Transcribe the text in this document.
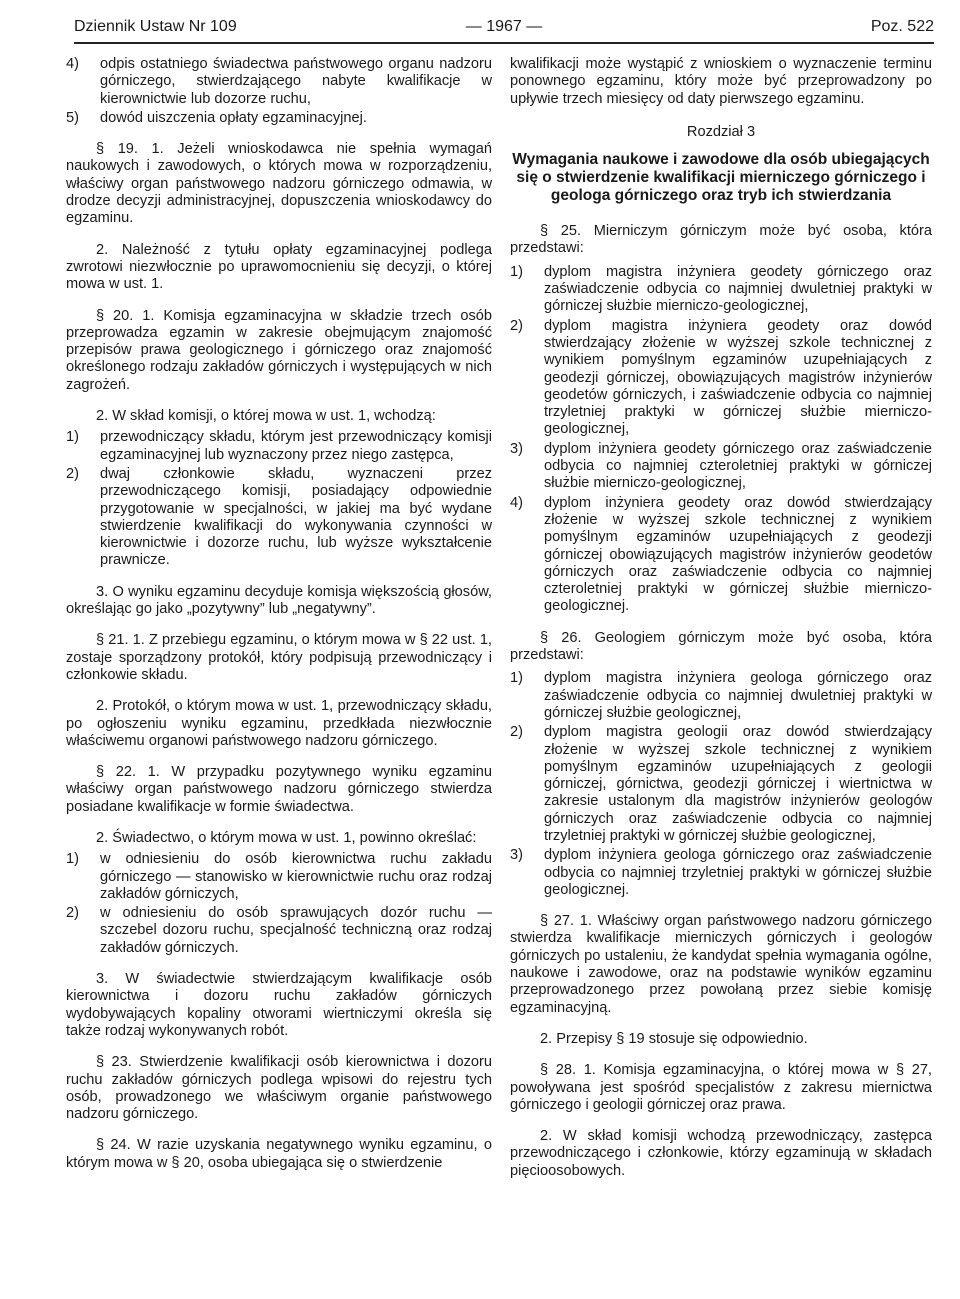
Dziennik Ustaw Nr 109	— 1967 —	Poz. 522
4)	odpis ostatniego świadectwa państwowego organu nadzoru górniczego, stwierdzającego nabyte kwalifikacje w kierownictwie lub dozorze ruchu,
5)	dowód uiszczenia opłaty egzaminacyjnej.

§ 19. 1. Jeżeli wnioskodawca nie spełnia wymagań naukowych i zawodowych, o których mowa w rozporządzeniu, właściwy organ państwowego nadzoru górniczego odmawia, w drodze decyzji administracyjnej, dopuszczenia wnioskodawcy do egzaminu.

2. Należność z tytułu opłaty egzaminacyjnej podlega zwrotowi niezwłocznie po uprawomocnieniu się decyzji, o której mowa w ust. 1.

§ 20. 1. Komisja egzaminacyjna w składzie trzech osób przeprowadza egzamin w zakresie obejmującym znajomość przepisów prawa geologicznego i górniczego oraz znajomość określonego rodzaju zakładów górniczych i występujących w nich zagrożeń.

2. W skład komisji, o której mowa w ust. 1, wchodzą:

1)	przewodniczący składu, którym jest przewodniczący komisji egzaminacyjnej lub wyznaczony przez niego zastępca,
2)	dwaj członkowie składu, wyznaczeni przez przewodniczącego komisji, posiadający odpowiednie przygotowanie w specjalności, w jakiej ma być wydane stwierdzenie kwalifikacji do wykonywania czynności w kierownictwie i dozorze ruchu, lub wyższe wykształcenie prawnicze.

3. O wyniku egzaminu decyduje komisja większością głosów, określając go jako „pozytywny” lub „negatywny”.

§ 21. 1. Z przebiegu egzaminu, o którym mowa w § 22 ust. 1, zostaje sporządzony protokół, który podpisują przewodniczący i członkowie składu.

2. Protokół, o którym mowa w ust. 1, przewodniczący składu, po ogłoszeniu wyniku egzaminu, przedkłada niezwłocznie właściwemu organowi państwowego nadzoru górniczego.

§ 22. 1. W przypadku pozytywnego wyniku egzaminu właściwy organ państwowego nadzoru górniczego stwierdza posiadane kwalifikacje w formie świadectwa.

2. Świadectwo, o którym mowa w ust. 1, powinno określać:

1)	w odniesieniu do osób kierownictwa ruchu zakładu górniczego — stanowisko w kierownictwie ruchu oraz rodzaj zakładów górniczych,
2)	w odniesieniu do osób sprawujących dozór ruchu — szczebel dozoru ruchu, specjalność techniczną oraz rodzaj zakładów górniczych.

3. W świadectwie stwierdzającym kwalifikacje osób kierownictwa i dozoru ruchu zakładów górniczych wydobywających kopaliny otworami wiertniczymi określa się także rodzaj wykonywanych robót.

§ 23. Stwierdzenie kwalifikacji osób kierownictwa i dozoru ruchu zakładów górniczych podlega wpisowi do rejestru tych osób, prowadzonego we właściwym organie państwowego nadzoru górniczego.

§ 24. W razie uzyskania negatywnego wyniku egzaminu, o którym mowa w § 20, osoba ubiegająca się o stwierdzenie

kwalifikacji może wystąpić z wnioskiem o wyznaczenie terminu ponownego egzaminu, który może być przeprowadzony po upływie trzech miesięcy od daty pierwszego egzaminu.

Rozdział 3
Wymagania naukowe i zawodowe dla osób ubiegających się o stwierdzenie kwalifikacji mierniczego górniczego i geologa górniczego oraz tryb ich stwierdzania

§ 25. Mierniczym górniczym może być osoba, która przedstawi:

1)	dyplom magistra inżyniera geodety górniczego oraz zaświadczenie odbycia co najmniej dwuletniej praktyki w górniczej służbie mierniczo-geologicznej,
2)	dyplom magistra inżyniera geodety oraz dowód stwierdzający złożenie w wyższej szkole technicznej z wynikiem pomyślnym egzaminów uzupełniających z geodezji górniczej, obowiązujących magistrów inżynierów geodetów górniczych, i zaświadczenie odbycia co najmniej trzyletniej praktyki w górniczej służbie mierniczo-geologicznej,
3)	dyplom inżyniera geodety górniczego oraz zaświadczenie odbycia co najmniej czteroletniej praktyki w górniczej służbie mierniczo-geologicznej,
4)	dyplom inżyniera geodety oraz dowód stwierdzający złożenie w wyższej szkole technicznej z wynikiem pomyślnym egzaminów uzupełniających z geodezji górniczej obowiązujących magistrów inżynierów geodetów górniczych oraz zaświadczenie odbycia co najmniej czteroletniej praktyki w górniczej służbie mierniczo-geologicznej.

§ 26. Geologiem górniczym może być osoba, która przedstawi:

1)	dyplom magistra inżyniera geologa górniczego oraz zaświadczenie odbycia co najmniej dwuletniej praktyki w górniczej służbie geologicznej,
2)	dyplom magistra geologii oraz dowód stwierdzający złożenie w wyższej szkole technicznej z wynikiem pomyślnym egzaminów uzupełniających z geologii górniczej, górnictwa, geodezji górniczej i wiertnictwa w zakresie ustalonym dla magistrów inżynierów geologów górniczych oraz zaświadczenie odbycia co najmniej trzyletniej praktyki w górniczej służbie geologicznej,
3)	dyplom inżyniera geologa górniczego oraz zaświadczenie odbycia co najmniej trzyletniej praktyki w górniczej służbie geologicznej.

§ 27. 1. Właściwy organ państwowego nadzoru górniczego stwierdza kwalifikacje mierniczych górniczych i geologów górniczych po ustaleniu, że kandydat spełnia wymagania ogólne, naukowe i zawodowe, oraz na podstawie wyników egzaminu przeprowadzonego przez powołaną przez siebie komisję egzaminacyjną.

2. Przepisy § 19 stosuje się odpowiednio.

§ 28. 1. Komisja egzaminacyjna, o której mowa w § 27, powoływana jest spośród specjalistów z zakresu miernictwa górniczego i geologii górniczej oraz prawa.

2. W skład komisji wchodzą przewodniczący, zastępca przewodniczącego i członkowie, którzy egzaminują w składach pięcioosobowych.
